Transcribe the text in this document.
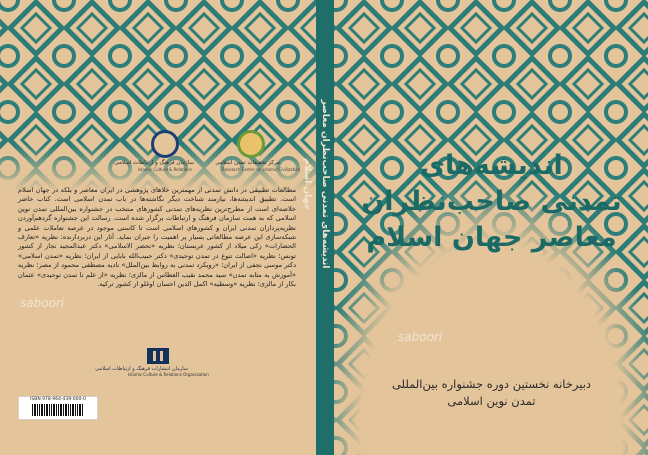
سازمان فرهنگ و ارتباطات اسلامی
Islamic Culture & Relations
مرکز تحقیقات تمدن اسلامی
Research Center for Islamic Civilization
مطالعات تطبیقی در دانش تمدنی از مهمترین خلاهای پژوهشی در ایران معاصر و بلکه در جهان اسلام است. تطبیق اندیشه‌ها، نیازمند شناخت دیگر نگاشته‌ها در باب تمدن اسلامی است. کتاب حاضر خلاصه‌ای است از مطرح‌ترین نظریه‌های تمدنی کشورهای منتخب در جشنواره بین‌المللی تمدن نوین اسلامی که به همت سازمان فرهنگ و ارتباطات برگزار شده است. رسالت این جشنواره گردهم‌آوردن نظریه‌پردازان تمدنی ایران و کشورهای اسلامی است تا کاستی موجود در عرصه تعاملات علمی و شبکه‌سازی این عرصه مطالعاتی بسیار پر اهمیت را جبران نماید. آثار این دربردارنده: نظریه «تعارف الحضارات» زکی میلاد از کشور عربستان؛ نظریه «تحضر الاسلامی» دکتر عبدالمجید نجار از کشور تونس؛ نظریه «اصالت تنوع در تمدن توحیدی» دکتر حبیب‌الله بابایی از ایران؛ نظریه «تمدن اسلامی» دکتر موسی نجفی از ایران؛ «رویکرد تمدنی به روابط بین‌الملل» نادیه مصطفی محمود از مصر؛ نظریه «آموزش به مثابه تمدن» سید محمد نقیب العطاس از مالزی؛ نظریه «از علم تا تمدن توحیدی» عثمان بکار از مالزی؛ نظریه «وسطیه» اکمل الدین احسان اوغلو از کشور ترکیه.
سازمان انتشارات فرهنگ و ارتباطات اسلامی
Islamic Culture & Relations Organization
ISBN 978-964-439-000-0
saboori
اندیشه‌های تمدنی صاحب‌نظران معاصر جهان اسلام	اندیشه‌های
تمدنی صاحب‌نظران
معاصر جهان اسلام
دبیرخانه نخستین دوره جشنواره بین‌المللی
تمدن نوین اسلامی
saboori
